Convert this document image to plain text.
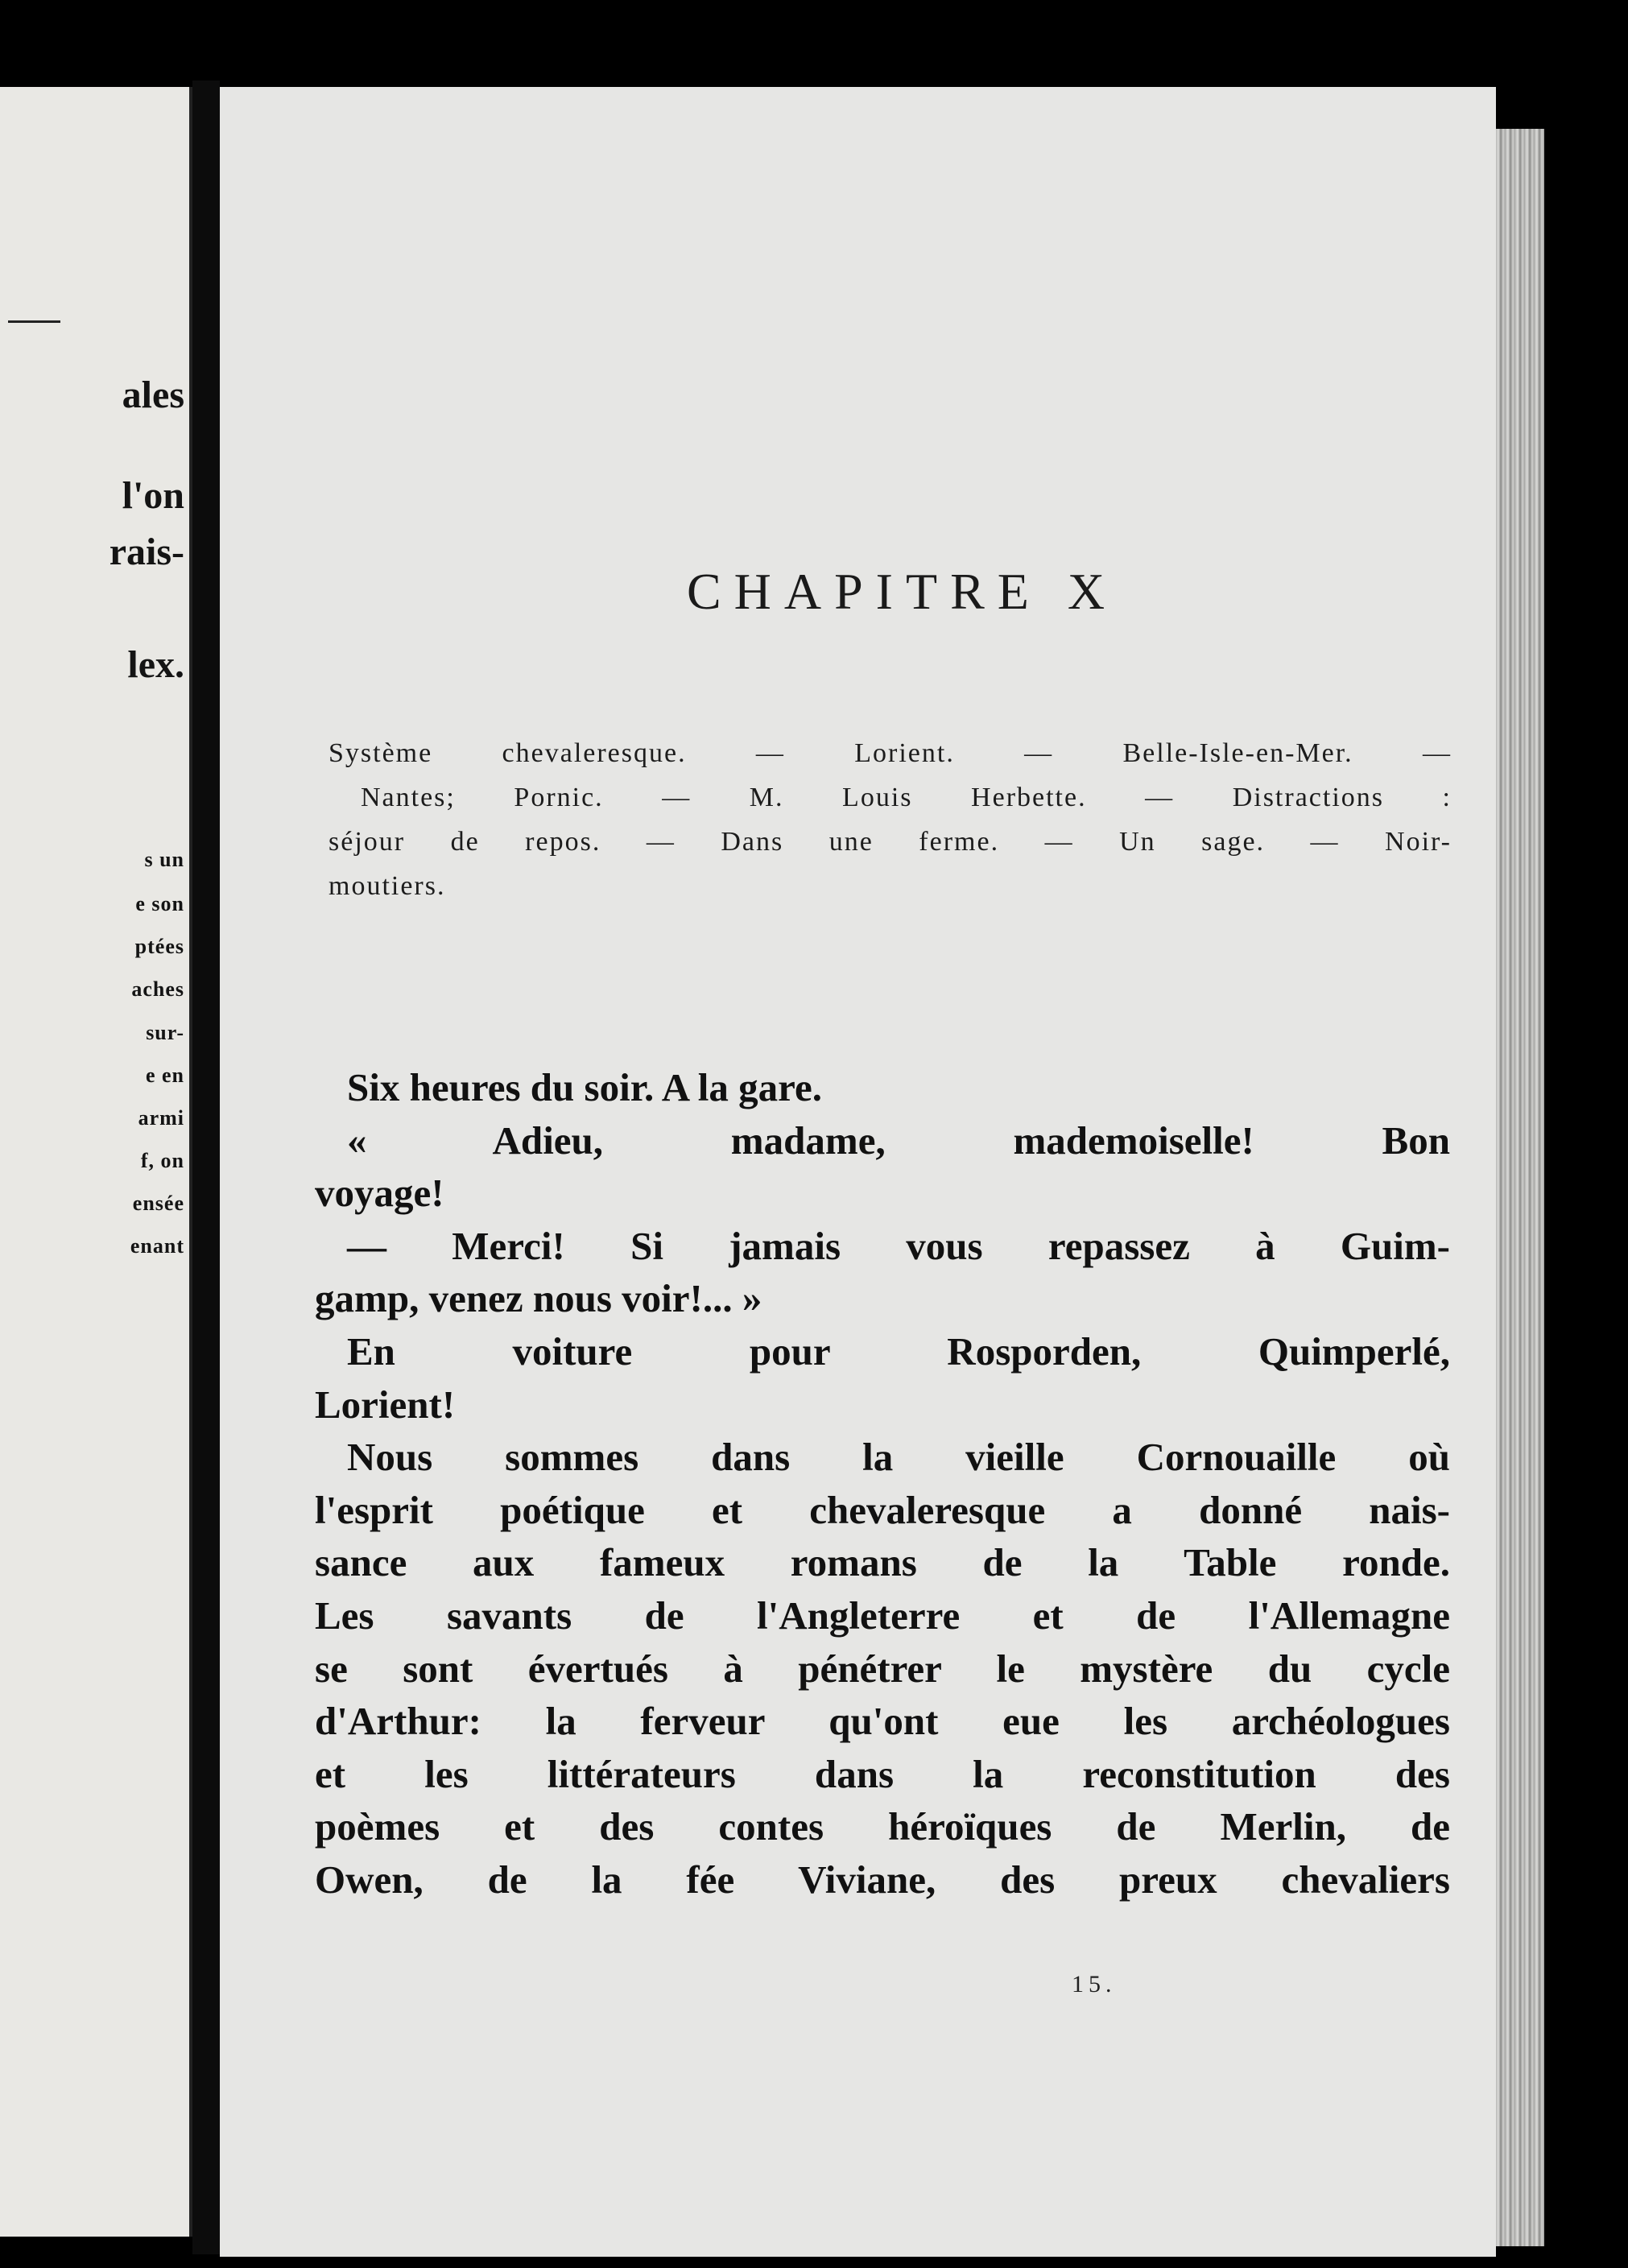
ales
l'on
rais-
lex.
s un
e son
ptées
aches
sur-
e en
armi
f, on
ensée
enant
CHAPITRE X
Système chevaleresque. — Lorient. — Belle-Isle-en-Mer. —
Nantes; Pornic. — M. Louis Herbette. — Distractions :
séjour de repos. — Dans une ferme. — Un sage. — Noir-
moutiers.
Six heures du soir. A la gare.
« Adieu, madame, mademoiselle! Bon
voyage!
— Merci! Si jamais vous repassez à Guim-
gamp, venez nous voir!... »
En voiture pour Rosporden, Quimperlé,
Lorient!
Nous sommes dans la vieille Cornouaille où
l'esprit poétique et chevaleresque a donné nais-
sance aux fameux romans de la Table ronde.
Les savants de l'Angleterre et de l'Allemagne
se sont évertués à pénétrer le mystère du cycle
d'Arthur: la ferveur qu'ont eue les archéologues
et les littérateurs dans la reconstitution des
poèmes et des contes héroïques de Merlin, de
Owen, de la fée Viviane, des preux chevaliers
15.
